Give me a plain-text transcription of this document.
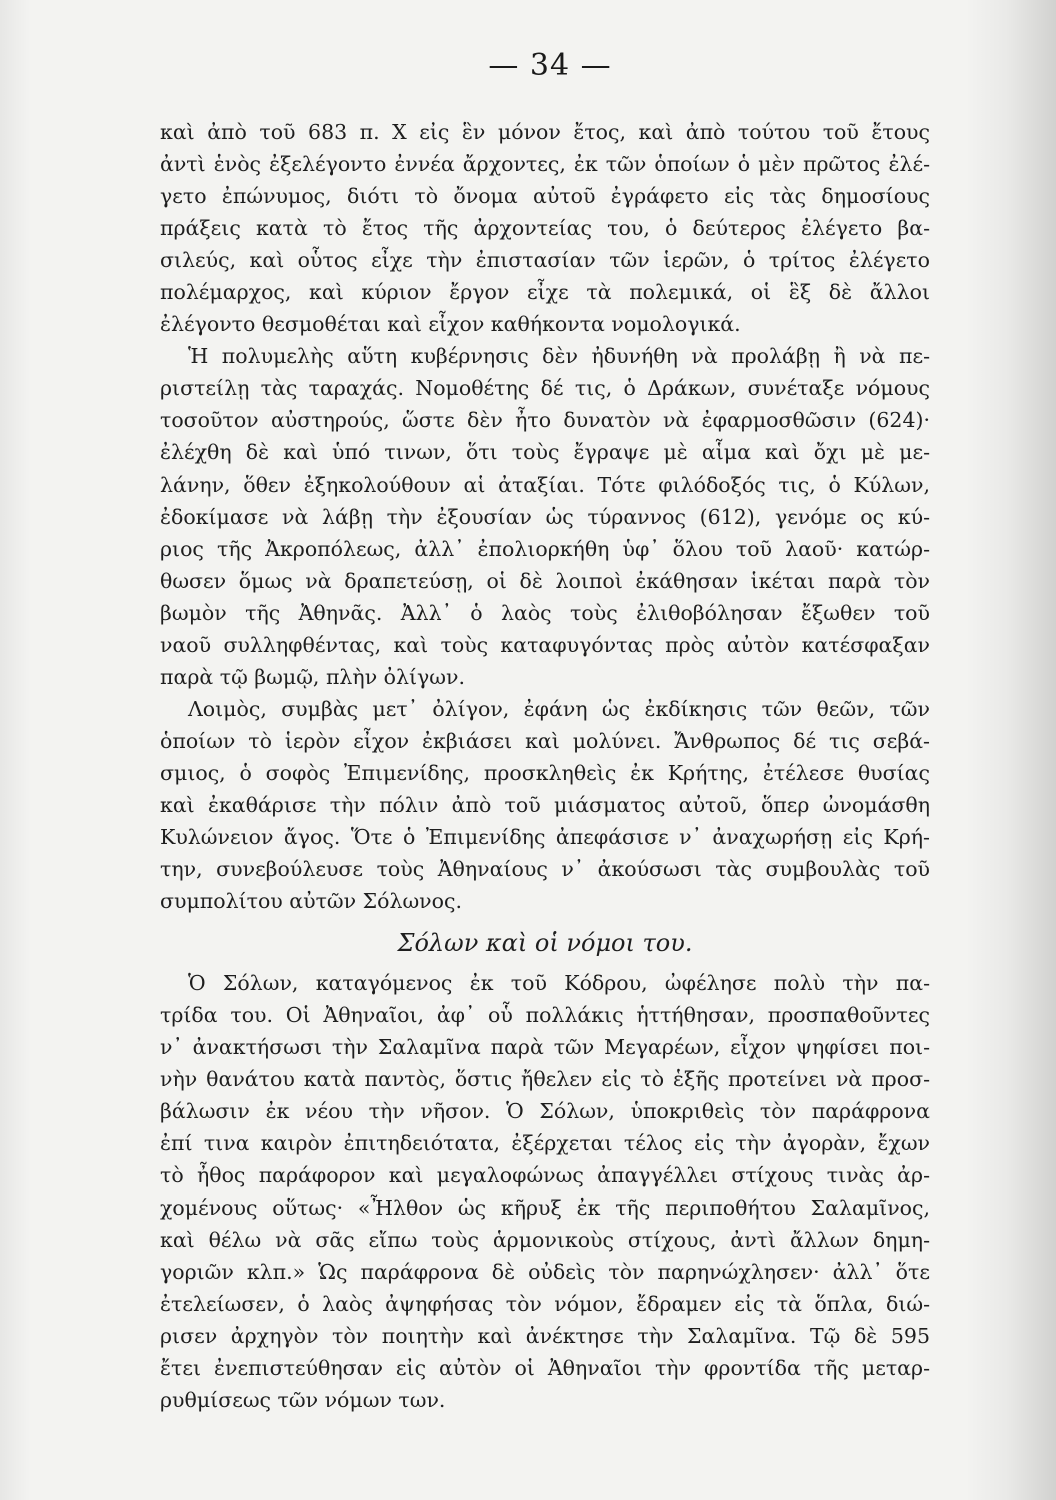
— 34 —
καὶ ἀπὸ τοῦ 683 π. Χ εἰς ἓν μόνον ἔτος, καὶ ἀπὸ τούτου τοῦ ἔτους
ἀντὶ ἑνὸς ἐξελέγοντο ἐννέα ἄρχοντες, ἐκ τῶν ὁποίων ὁ μὲν πρῶτος ἐλέ-
γετο ἐπώνυμος, διότι τὸ ὄνομα αὐτοῦ ἐγράφετο εἰς τὰς δημοσίους
πράξεις κατὰ τὸ ἔτος τῆς ἀρχοντείας του, ὁ δεύτερος ἐλέγετο βα-
σιλεύς, καὶ οὗτος εἶχε τὴν ἐπιστασίαν τῶν ἱερῶν, ὁ τρίτος ἐλέγετο
πολέμαρχος, καὶ κύριον ἔργον εἶχε τὰ πολεμικά, οἱ ἓξ δὲ ἄλλοι
ἐλέγοντο θεσμοθέται καὶ εἶχον καθήκοντα νομολογικά.
Ἡ πολυμελὴς αὕτη κυβέρνησις δὲν ἠδυνήθη νὰ προλάβῃ ἢ νὰ πε-
ριστείλῃ τὰς ταραχάς. Νομοθέτης δέ τις, ὁ Δράκων, συνέταξε νόμους
τοσοῦτον αὐστηρούς, ὥστε δὲν ἦτο δυνατὸν νὰ ἐφαρμοσθῶσιν (624)·
ἐλέχθη δὲ καὶ ὑπό τινων, ὅτι τοὺς ἔγραψε μὲ αἷμα καὶ ὄχι μὲ με-
λάνην, ὅθεν ἐξηκολούθουν αἱ ἀταξίαι. Τότε φιλόδοξός τις, ὁ Κύλων,
ἐδοκίμασε νὰ λάβῃ τὴν ἐξουσίαν ὡς τύραννος (612), γενόμε ος κύ-
ριος τῆς Ἀκροπόλεως, ἀλλ᾽ ἐπολιορκήθη ὑφ᾽ ὅλου τοῦ λαοῦ· κατώρ-
θωσεν ὅμως νὰ δραπετεύσῃ, οἱ δὲ λοιποὶ ἐκάθησαν ἱκέται παρὰ τὸν
βωμὸν τῆς Ἀθηνᾶς. Ἀλλ᾽ ὁ λαὸς τοὺς ἐλιθοβόλησαν ἔξωθεν τοῦ
ναοῦ συλληφθέντας, καὶ τοὺς καταφυγόντας πρὸς αὐτὸν κατέσφαξαν
παρὰ τῷ βωμῷ, πλὴν ὀλίγων.
Λοιμὸς, συμβὰς μετ᾽ ὀλίγον, ἐφάνη ὡς ἐκδίκησις τῶν θεῶν, τῶν
ὁποίων τὸ ἱερὸν εἶχον ἐκβιάσει καὶ μολύνει. Ἄνθρωπος δέ τις σεβά-
σμιος, ὁ σοφὸς Ἐπιμενίδης, προσκληθεὶς ἐκ Κρήτης, ἐτέλεσε θυσίας
καὶ ἐκαθάρισε τὴν πόλιν ἀπὸ τοῦ μιάσματος αὐτοῦ, ὅπερ ὠνομάσθη
Κυλώνειον ἄγος. Ὅτε ὁ Ἐπιμενίδης ἀπεφάσισε ν᾽ ἀναχωρήσῃ εἰς Κρή-
την, συνεβούλευσε τοὺς Ἀθηναίους ν᾽ ἀκούσωσι τὰς συμβουλὰς τοῦ
συμπολίτου αὐτῶν Σόλωνος.
Σόλων καὶ οἱ νόμοι του.
Ὁ Σόλων, καταγόμενος ἐκ τοῦ Κόδρου, ὠφέλησε πολὺ τὴν πα-
τρίδα του. Οἱ Ἀθηναῖοι, ἀφ᾽ οὗ πολλάκις ἡττήθησαν, προσπαθοῦντες
ν᾽ ἀνακτήσωσι τὴν Σαλαμῖνα παρὰ τῶν Μεγαρέων, εἶχον ψηφίσει ποι-
νὴν θανάτου κατὰ παντὸς, ὅστις ἤθελεν εἰς τὸ ἑξῆς προτείνει νὰ προσ-
βάλωσιν ἐκ νέου τὴν νῆσον. Ὁ Σόλων, ὑποκριθεὶς τὸν παράφρονα
ἐπί τινα καιρὸν ἐπιτηδειότατα, ἐξέρχεται τέλος εἰς τὴν ἀγορὰν, ἔχων
τὸ ἦθος παράφορον καὶ μεγαλοφώνως ἀπαγγέλλει στίχους τινὰς ἀρ-
χομένους οὕτως· «Ἦλθον ὡς κῆρυξ ἐκ τῆς περιποθήτου Σαλαμῖνος,
καὶ θέλω νὰ σᾶς εἴπω τοὺς ἁρμονικοὺς στίχους, ἀντὶ ἄλλων δημη-
γοριῶν κλπ.» Ὡς παράφρονα δὲ οὐδεὶς τὸν παρηνώχλησεν· ἀλλ᾽ ὅτε
ἐτελείωσεν, ὁ λαὸς ἀψηφήσας τὸν νόμον, ἔδραμεν εἰς τὰ ὅπλα, διώ-
ρισεν ἀρχηγὸν τὸν ποιητὴν καὶ ἀνέκτησε τὴν Σαλαμῖνα. Τῷ δὲ 595
ἔτει ἐνεπιστεύθησαν εἰς αὐτὸν οἱ Ἀθηναῖοι τὴν φροντίδα τῆς μεταρ-
ρυθμίσεως τῶν νόμων των.
